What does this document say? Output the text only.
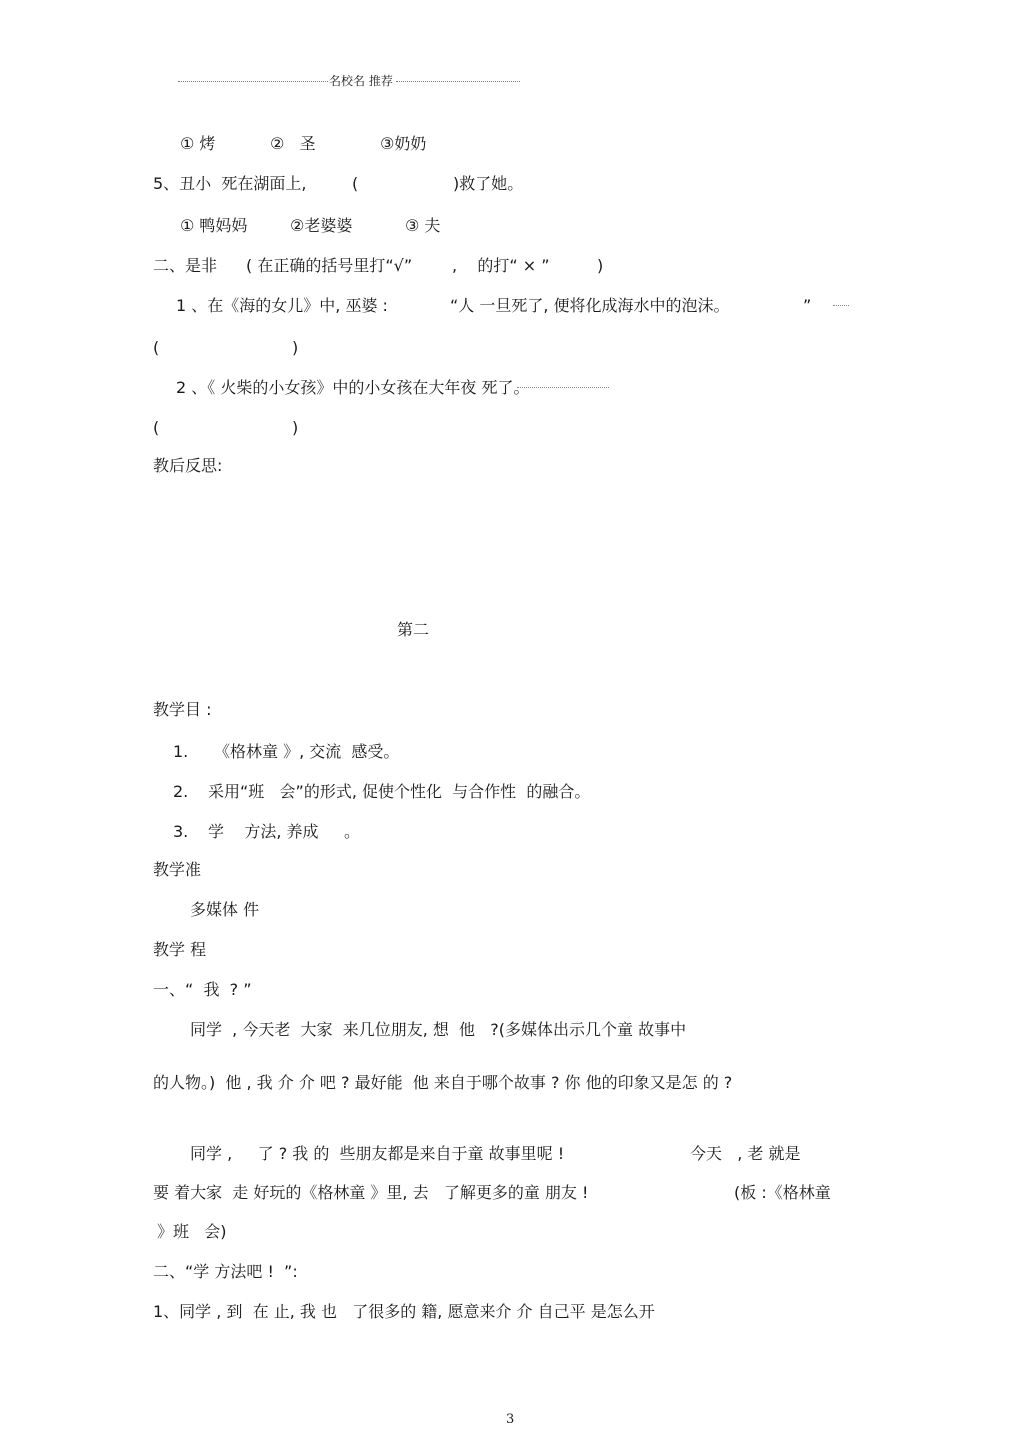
名校名 推荐
① 烤	②   圣	③奶奶
5、丑小  死在湖面上,	(	)救了她。
① 鸭妈妈	②老婆婆	③ 夫
二、是非 ( 在正确的括号里打“√” ,    的打“ × ”	)
1 、在《海的女儿》中, 巫婆 :	“人 一旦死了, 便将化成海水中的泡沫。	”
(	)
2 、《 火柴的小女孩》中的小女孩在大年夜 死了。
(	)
教后反思:
第二
教学目 :
1. 《格林童 》, 交流  感受。
2. 采用“班   会”的形式, 促使个性化  与合作性  的融合。
3. 学    方法, 养成     。
教学准
多媒体 件
教学 程
一、“  我  ? ”
同学  , 今天老  大家  来几位朋友, 想  他   ?(多媒体出示几个童 故事中
的人物。)  他 , 我 介 介 吧 ? 最好能  他 来自于哪个故事 ? 你 他的印象又是怎 的 ?
同学 ,     了 ? 我 的  些朋友都是来自于童 故事里呢 !	今天   , 老 就是
要 着大家  走 好玩的《格林童 》里, 去   了解更多的童 朋友 !	(板 :《格林童
》班   会)
二、“学 方法吧 !  ”:
1、同学 , 到  在 止, 我 也   了很多的 籍, 愿意来介 介 自己平 是怎么开
3
